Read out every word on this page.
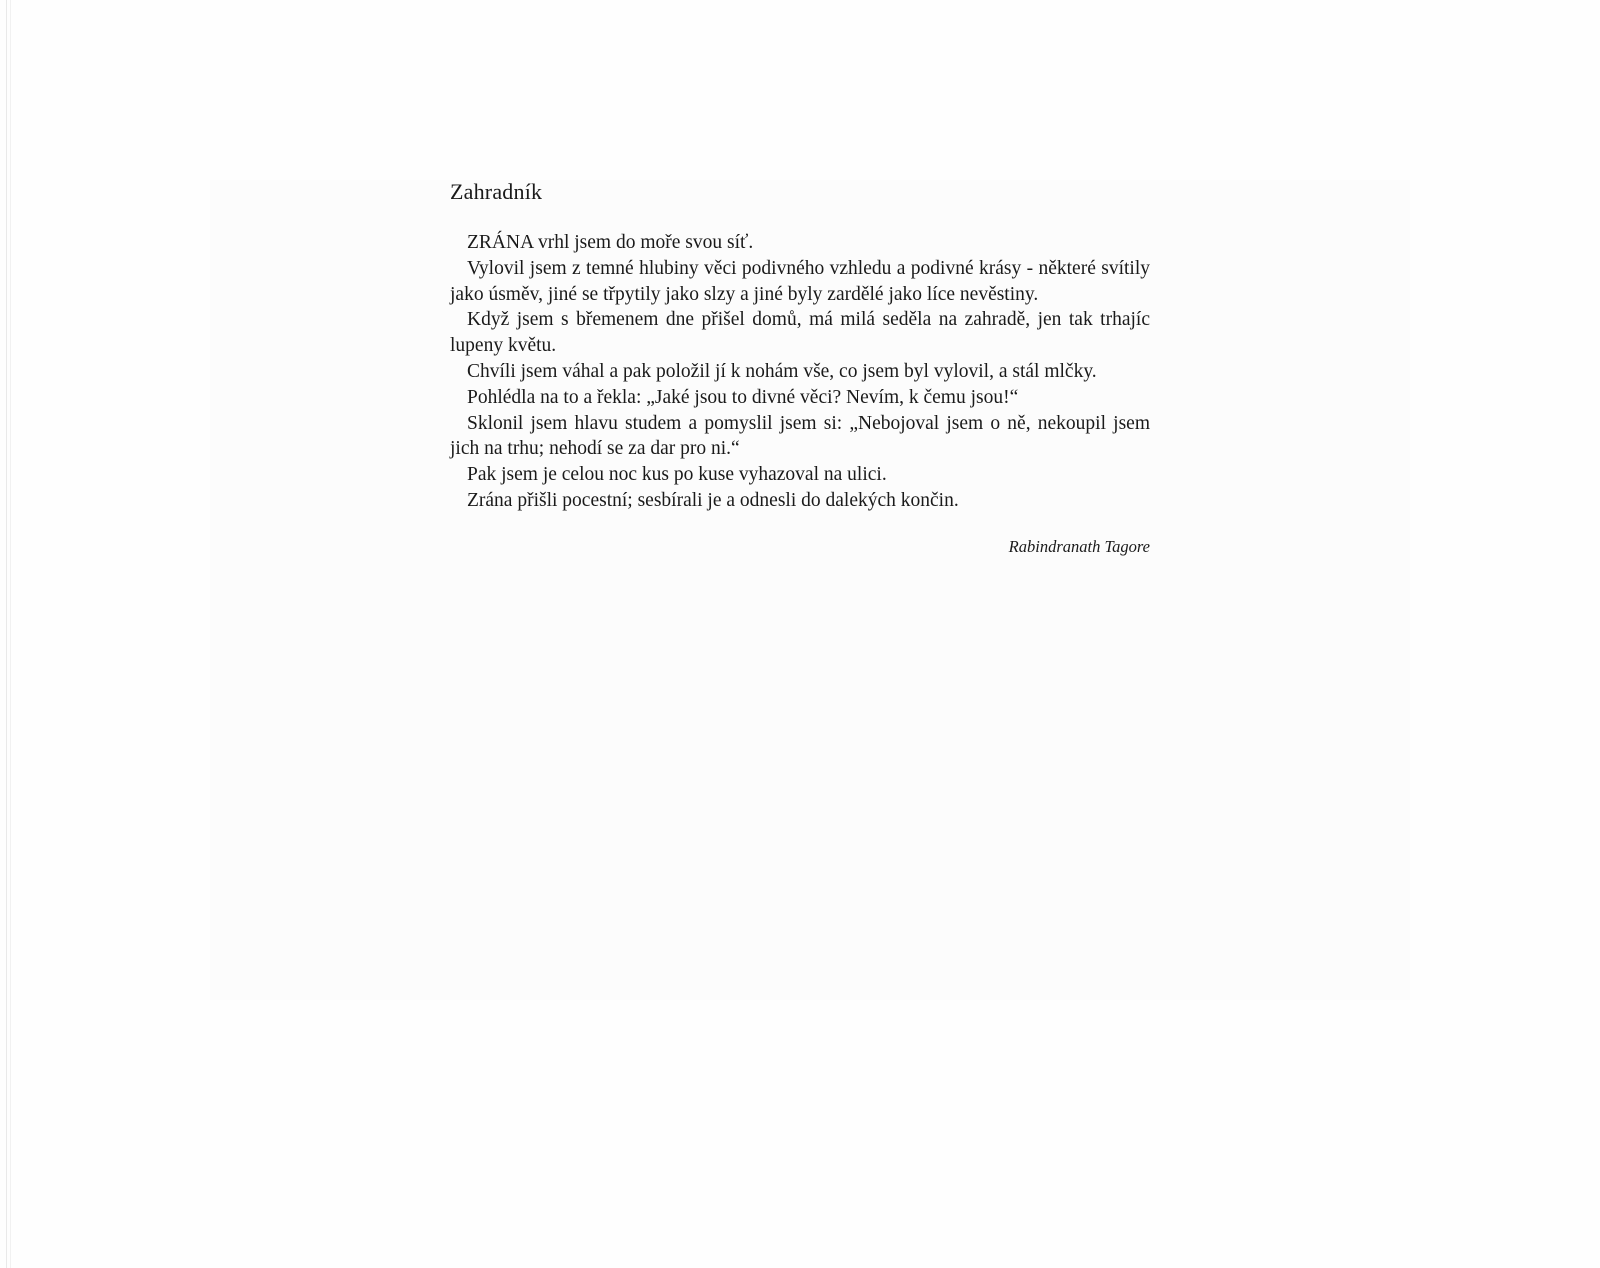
Zahradník

ZRÁNA vrhl jsem do moře svou síť.

Vylovil jsem z temné hlubiny věci podivného vzhledu a podivné krásy - některé svítily jako úsměv, jiné se třpytily jako slzy a jiné byly zardělé jako líce nevěstiny.

Když jsem s břemenem dne přišel domů, má milá seděla na zahradě, jen tak trhajíc lupeny květu.

Chvíli jsem váhal a pak položil jí k nohám vše, co jsem byl vylovil, a stál mlčky.

Pohlédla na to a řekla: „Jaké jsou to divné věci? Nevím, k čemu jsou!“

Sklonil jsem hlavu studem a pomyslil jsem si: „Nebojoval jsem o ně, nekoupil jsem jich na trhu; nehodí se za dar pro ni.“

Pak jsem je celou noc kus po kuse vyhazoval na ulici.

Zrána přišli pocestní; sesbírali je a odnesli do dalekých končin.

Rabindranath Tagore
